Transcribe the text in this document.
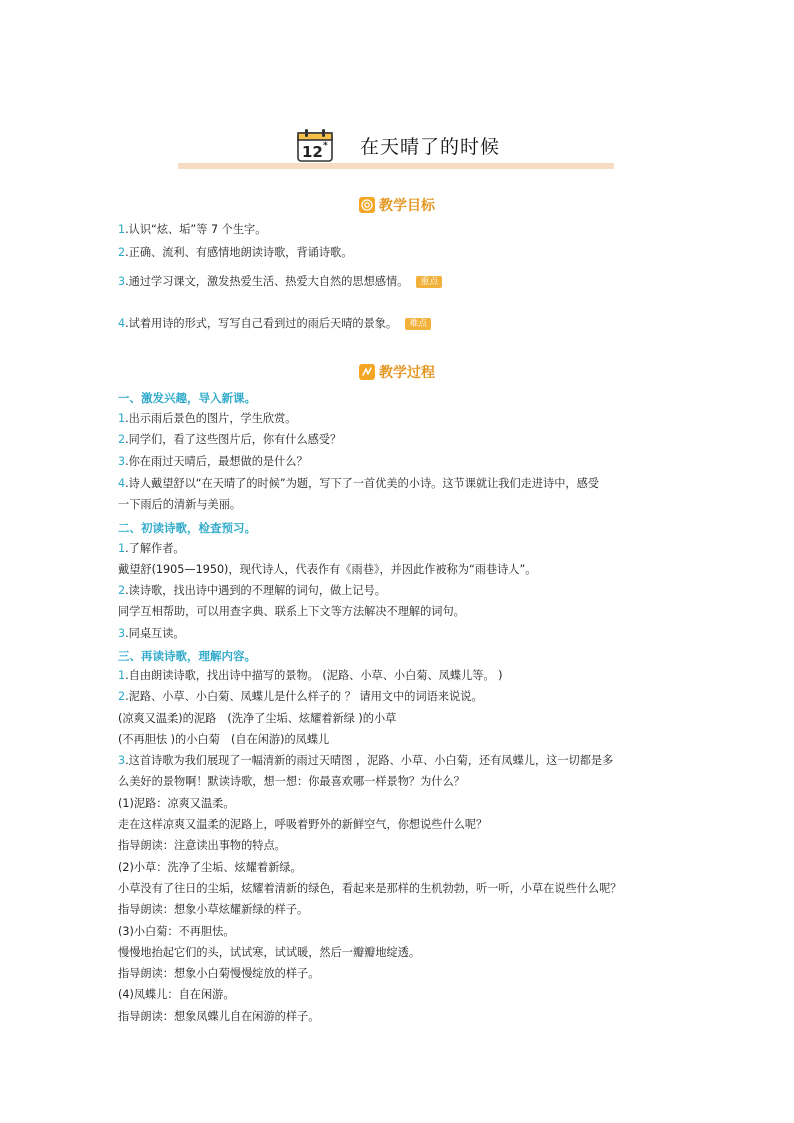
12 * 在天晴了的时候
教学目标
1.认识“炫、垢”等 7 个生字。
2.正确、流利、有感情地朗读诗歌，背诵诗歌。
3.通过学习课文，激发热爱生活、热爱大自然的思想感情。 重点
4.试着用诗的形式，写写自己看到过的雨后天晴的景象。 难点
教学过程
一、激发兴趣，导入新课。
1.出示雨后景色的图片，学生欣赏。
2.同学们，看了这些图片后，你有什么感受？
3.你在雨过天晴后，最想做的是什么？
4.诗人戴望舒以“在天晴了的时候”为题，写下了一首优美的小诗。这节课就让我们走进诗中，感受
一下雨后的清新与美丽。
二、初读诗歌，检查预习。
1.了解作者。
戴望舒(1905—1950)，现代诗人，代表作有《雨巷》，并因此作被称为“雨巷诗人”。
2.读诗歌，找出诗中遇到的不理解的词句，做上记号。
同学互相帮助，可以用查字典、联系上下文等方法解决不理解的词句。
3.同桌互读。
三、再读诗歌，理解内容。
1.自由朗读诗歌，找出诗中描写的景物。 (泥路、小草、小白菊、凤蝶儿等。 )
2.泥路、小草、小白菊、凤蝶儿是什么样子的 ？ 请用文中的词语来说说。
(凉爽又温柔)的泥路　(洗净了尘垢、炫耀着新绿 )的小草
(不再胆怯 )的小白菊　(自在闲游)的凤蝶儿
3.这首诗歌为我们展现了一幅清新的雨过天晴图 ，泥路、小草、小白菊，还有凤蝶儿，这一切都是多
么美好的景物啊！默读诗歌，想一想：你最喜欢哪一样景物？为什么？
(1)泥路：凉爽又温柔。
走在这样凉爽又温柔的泥路上，呼吸着野外的新鲜空气，你想说些什么呢？
指导朗读：注意读出事物的特点。
(2)小草：洗净了尘垢、炫耀着新绿。
小草没有了往日的尘垢，炫耀着清新的绿色，看起来是那样的生机勃勃，听一听，小草在说些什么呢？
指导朗读：想象小草炫耀新绿的样子。
(3)小白菊：不再胆怯。
慢慢地抬起它们的头，试试寒，试试暖，然后一瓣瓣地绽透。
指导朗读：想象小白菊慢慢绽放的样子。
(4)凤蝶儿：自在闲游。
指导朗读：想象凤蝶儿自在闲游的样子。
